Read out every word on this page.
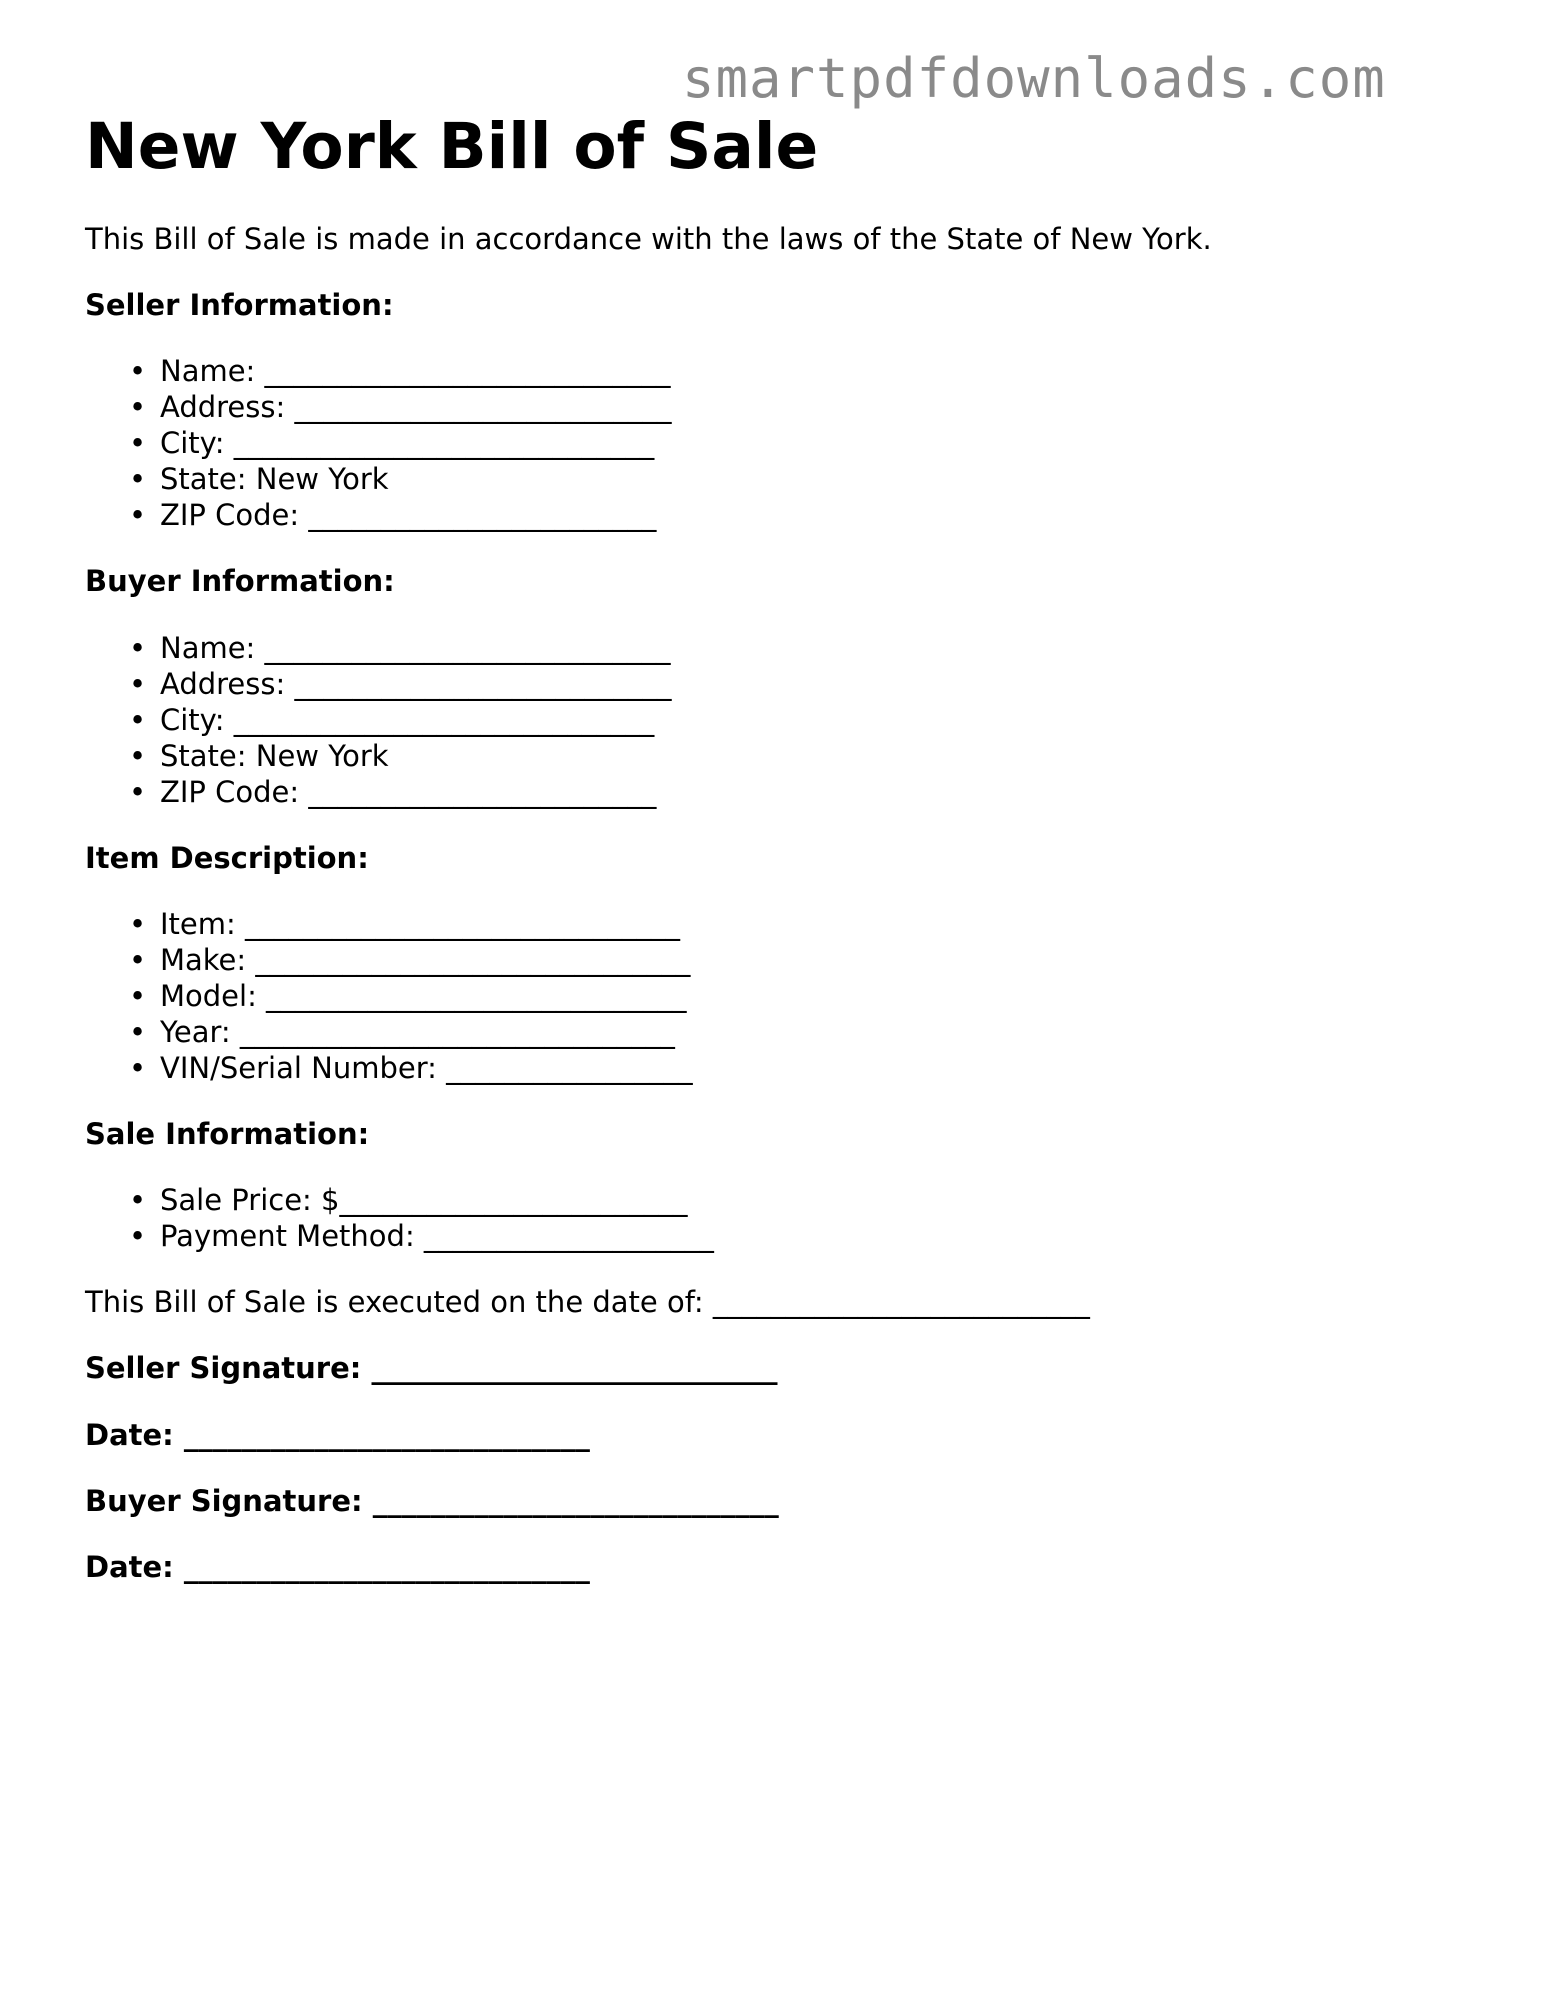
smartpdfdownloads.com
New York Bill of Sale

This Bill of Sale is made in accordance with the laws of the State of New York.

Seller Information:

• Name: ____________________________
• Address: __________________________
• City: _____________________________
• State: New York
• ZIP Code: ________________________

Buyer Information:

• Name: ____________________________
• Address: __________________________
• City: _____________________________
• State: New York
• ZIP Code: ________________________

Item Description:

• Item: ______________________________
• Make: ______________________________
• Model: _____________________________
• Year: ______________________________
• VIN/Serial Number: _________________

Sale Information:

• Sale Price: $________________________
• Payment Method: ____________________

This Bill of Sale is executed on the date of: __________________________

Seller Signature: ____________________________

Date: ____________________________

Buyer Signature: ____________________________

Date: ____________________________
